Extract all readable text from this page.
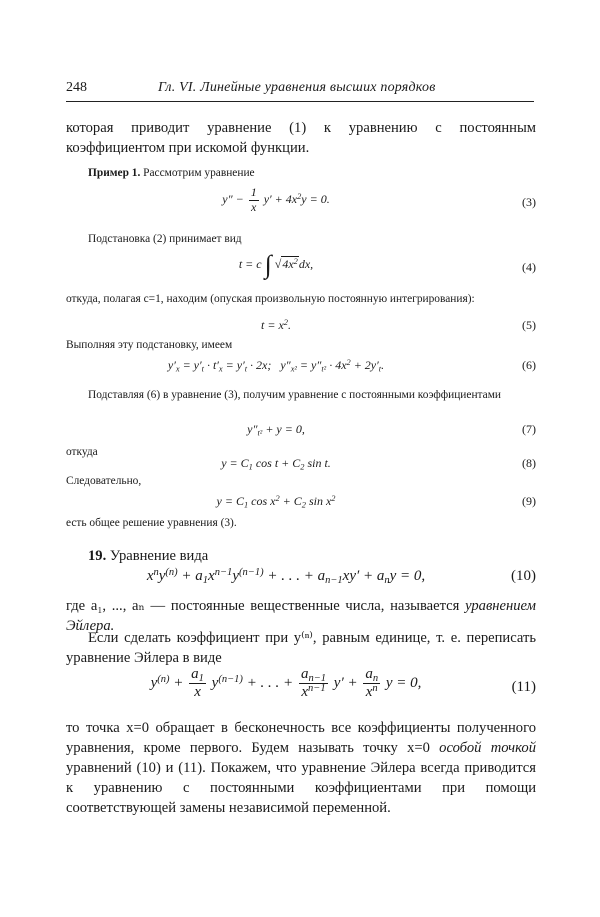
248	Гл. VI. Линейные уравнения высших порядков

которая приводит уравнение (1) к уравнению с постоянным коэффициентом при искомой функции.

Пример 1. Рассмотрим уравнение

$y'' - \frac{1}{x} y' + 4x^2y = 0$.	(3)

Подстановка (2) принимает вид

t = c ∫ $√4x^2dx$,	(4)

откуда, полагая c=1, находим (опуская произвольную постоянную интегрирования):

$t = x^2$.	(5)

Выполняя эту подстановку, имеем

$y'_x = y'_t \cdot t'_x = y'_t \cdot 2x$;   $y''_{x^2} = y''_{t^2} \cdot 4x^2 + 2y'_t$.	(6)

Подставляя (6) в уравнение (3), получим уравнение с постоянными коэффициентами

$y''_{t^2} + y = 0$,	(7)

откуда

$y = C_1$ $\cos t + C_2$ sin t.	(8)

Следовательно,

$y = C_1$ $\cos x^2 + C_2$ $\sin x^2$	(9)

есть общее решение уравнения (3).

19. Уравнение вида

$x^ny^{(n)} + a_1x^{n-1}y^{(n-1)}$ + . . . + $a_{n-1}xy' + a_ny = 0$,	(10)

где a₁, ..., aₙ — постоянные вещественные числа, называется уравнением Эйлера.

Если сделать коэффициент при y⁽ⁿ⁾, равным единице, т. е. переписать уравнение Эйлера в виде

$y^{(n)} + \frac{a_1}{x} y^{(n-1)}$ + . . . + $\frac{a_{n-1}}{x^{n-1}} y' + \frac{a_n}{x^n}$ y = 0,	(11)

то точка x=0 обращает в бесконечность все коэффициенты полученного уравнения, кроме первого. Будем называть точку x=0 особой точкой уравнений (10) и (11). Покажем, что уравнение Эйлера всегда приводится к уравнению с постоянными коэффициентами при помощи соответствующей замены независимой переменной.
